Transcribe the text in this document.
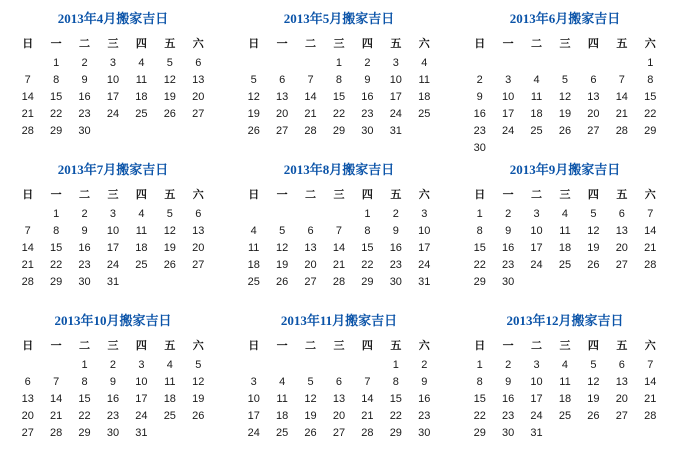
2013年4月搬家吉日
日	一	二	三	四	五	六
	1	2	3	4	5	6
7	8	9	10	11	12	13
14	15	16	17	18	19	20
21	22	23	24	25	26	27
28	29	30				
2013年5月搬家吉日
日	一	二	三	四	五	六
			1	2	3	4
5	6	7	8	9	10	11
12	13	14	15	16	17	18
19	20	21	22	23	24	25
26	27	28	29	30	31	
2013年6月搬家吉日
日	一	二	三	四	五	六
						1
2	3	4	5	6	7	8
9	10	11	12	13	14	15
16	17	18	19	20	21	22
23	24	25	26	27	28	29
30						
2013年7月搬家吉日
日	一	二	三	四	五	六
	1	2	3	4	5	6
7	8	9	10	11	12	13
14	15	16	17	18	19	20
21	22	23	24	25	26	27
28	29	30	31			
2013年8月搬家吉日
日	一	二	三	四	五	六
				1	2	3
4	5	6	7	8	9	10
11	12	13	14	15	16	17
18	19	20	21	22	23	24
25	26	27	28	29	30	31
2013年9月搬家吉日
日	一	二	三	四	五	六
1	2	3	4	5	6	7
8	9	10	11	12	13	14
15	16	17	18	19	20	21
22	23	24	25	26	27	28
29	30					
2013年10月搬家吉日
日	一	二	三	四	五	六
		1	2	3	4	5
6	7	8	9	10	11	12
13	14	15	16	17	18	19
20	21	22	23	24	25	26
27	28	29	30	31		
2013年11月搬家吉日
日	一	二	三	四	五	六
					1	2
3	4	5	6	7	8	9
10	11	12	13	14	15	16
17	18	19	20	21	22	23
24	25	26	27	28	29	30
2013年12月搬家吉日
日	一	二	三	四	五	六
1	2	3	4	5	6	7
8	9	10	11	12	13	14
15	16	17	18	19	20	21
22	23	24	25	26	27	28
29	30	31				
